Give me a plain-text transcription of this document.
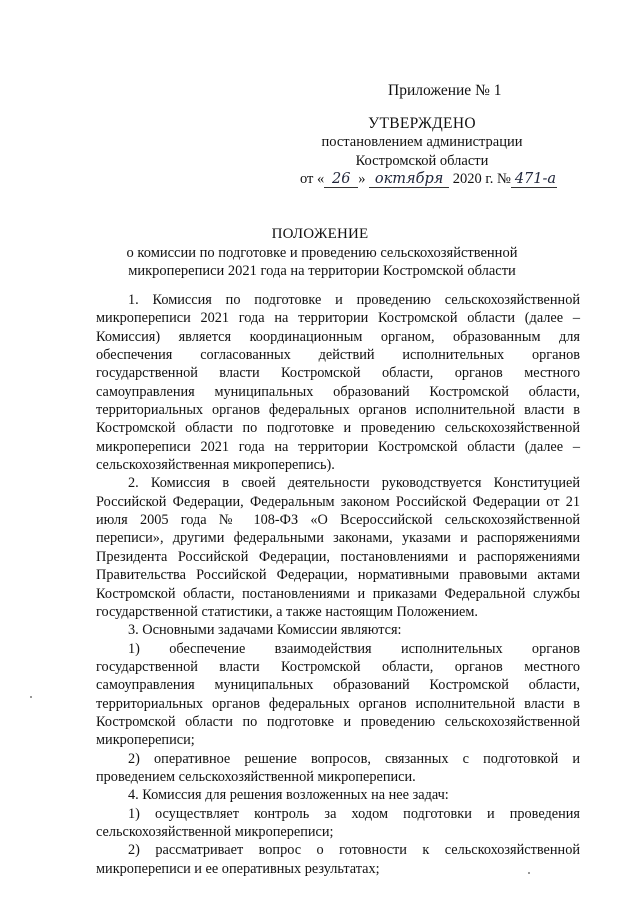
Приложение № 1
УТВЕРЖДЕНО
постановлением администрации
Костромской области
от « 26 » октября 2020 г. № 471-а
ПОЛОЖЕНИЕ
о комиссии по подготовке и проведению сельскохозяйственной микропереписи 2021 года на территории Костромской области

1. Комиссия по подготовке и проведению сельскохозяйственной микропереписи 2021 года на территории Костромской области (далее – Комиссия) является координационным органом, образованным для обеспечения согласованных действий исполнительных органов государственной власти Костромской области, органов местного самоуправления муниципальных образований Костромской области, территориальных органов федеральных органов исполнительной власти в Костромской области по подготовке и проведению сельскохозяйственной микропереписи 2021 года на территории Костромской области (далее – сельскохозяйственная микроперепись).

2. Комиссия в своей деятельности руководствуется Конституцией Российской Федерации, Федеральным законом Российской Федерации от 21 июля 2005 года № 108-ФЗ «О Всероссийской сельскохозяйственной переписи», другими федеральными законами, указами и распоряжениями Президента Российской Федерации, постановлениями и распоряжениями Правительства Российской Федерации, нормативными правовыми актами Костромской области, постановлениями и приказами Федеральной службы государственной статистики, а также настоящим Положением.

3. Основными задачами Комиссии являются:

1) обеспечение взаимодействия исполнительных органов государственной власти Костромской области, органов местного самоуправления муниципальных образований Костромской области, территориальных органов федеральных органов исполнительной власти в Костромской области по подготовке и проведению сельскохозяйственной микропереписи;

2) оперативное решение вопросов, связанных с подготовкой и проведением сельскохозяйственной микропереписи.

4. Комиссия для решения возложенных на нее задач:

1) осуществляет контроль за ходом подготовки и проведения сельскохозяйственной микропереписи;

2) рассматривает вопрос о готовности к сельскохозяйственной микропереписи и ее оперативных результатах;
